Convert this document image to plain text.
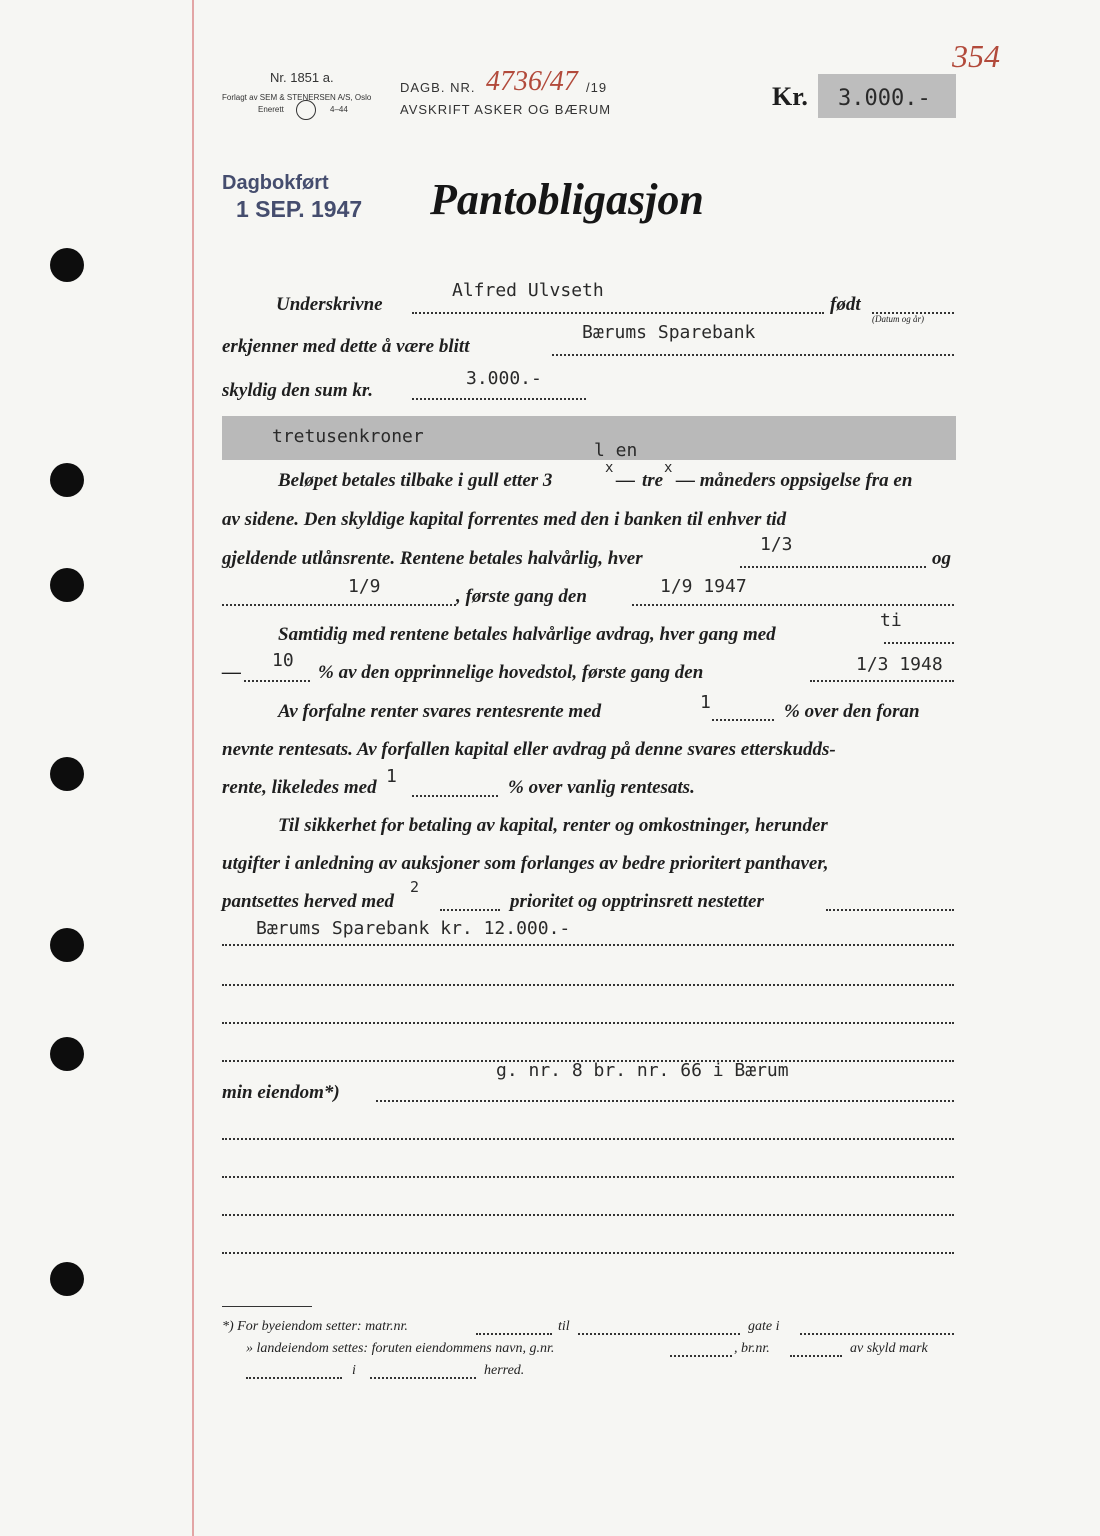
Nr. 1851 a.
Forlagt av SEM & STENERSEN A/S, Oslo
Enerett	4–44
DAGB. NR. 4736/47 /19
AVSKRIFT ASKER OG BÆRUM	Kr. 3.000.-
354
Dagbokført
1 SEP. 1947 Pantobligasjon
Alfred Ulvseth
Underskrivne	født
(Datum og år)
Bærums Sparebank
erkjenner med dette å være blitt
3.000.-
skyldig den sum kr.
tretusenkroner
l en
Beløpet betales tilbake i gull etter 3
x
— tre
x
— måneders oppsigelse fra en
av sidene. Den skyldige kapital forrentes med den i banken til enhver tid
gjeldende utlånsrente. Rentene betales halvårlig, hver
1/3
og
1/9	, første gang den	1/9 1947
Samtidig med rentene betales halvårlige avdrag, hver gang med
ti
—
10
% av den opprinnelige hovedstol, første gang den	1/3 1948
Av forfalne renter svares rentesrente med	1	% over den foran
nevnte rentesats. Av forfallen kapital eller avdrag på denne svares etterskudds-
rente, likeledes med
1
% over vanlig rentesats.
Til sikkerhet for betaling av kapital, renter og omkostninger, herunder
utgifter i anledning av auksjoner som forlanges av bedre prioritert panthaver,
pantsettes herved med
2
prioritet og opptrinsrett nestetter
Bærums Sparebank kr. 12.000.-
g. nr. 8 br. nr. 66 i Bærum
min eiendom*)
*) For byeiendom setter: matr.nr.	til	gate i
» landeiendom settes: foruten eiendommens navn, g.nr.	, br.nr.	av skyld mark
i	herred.
